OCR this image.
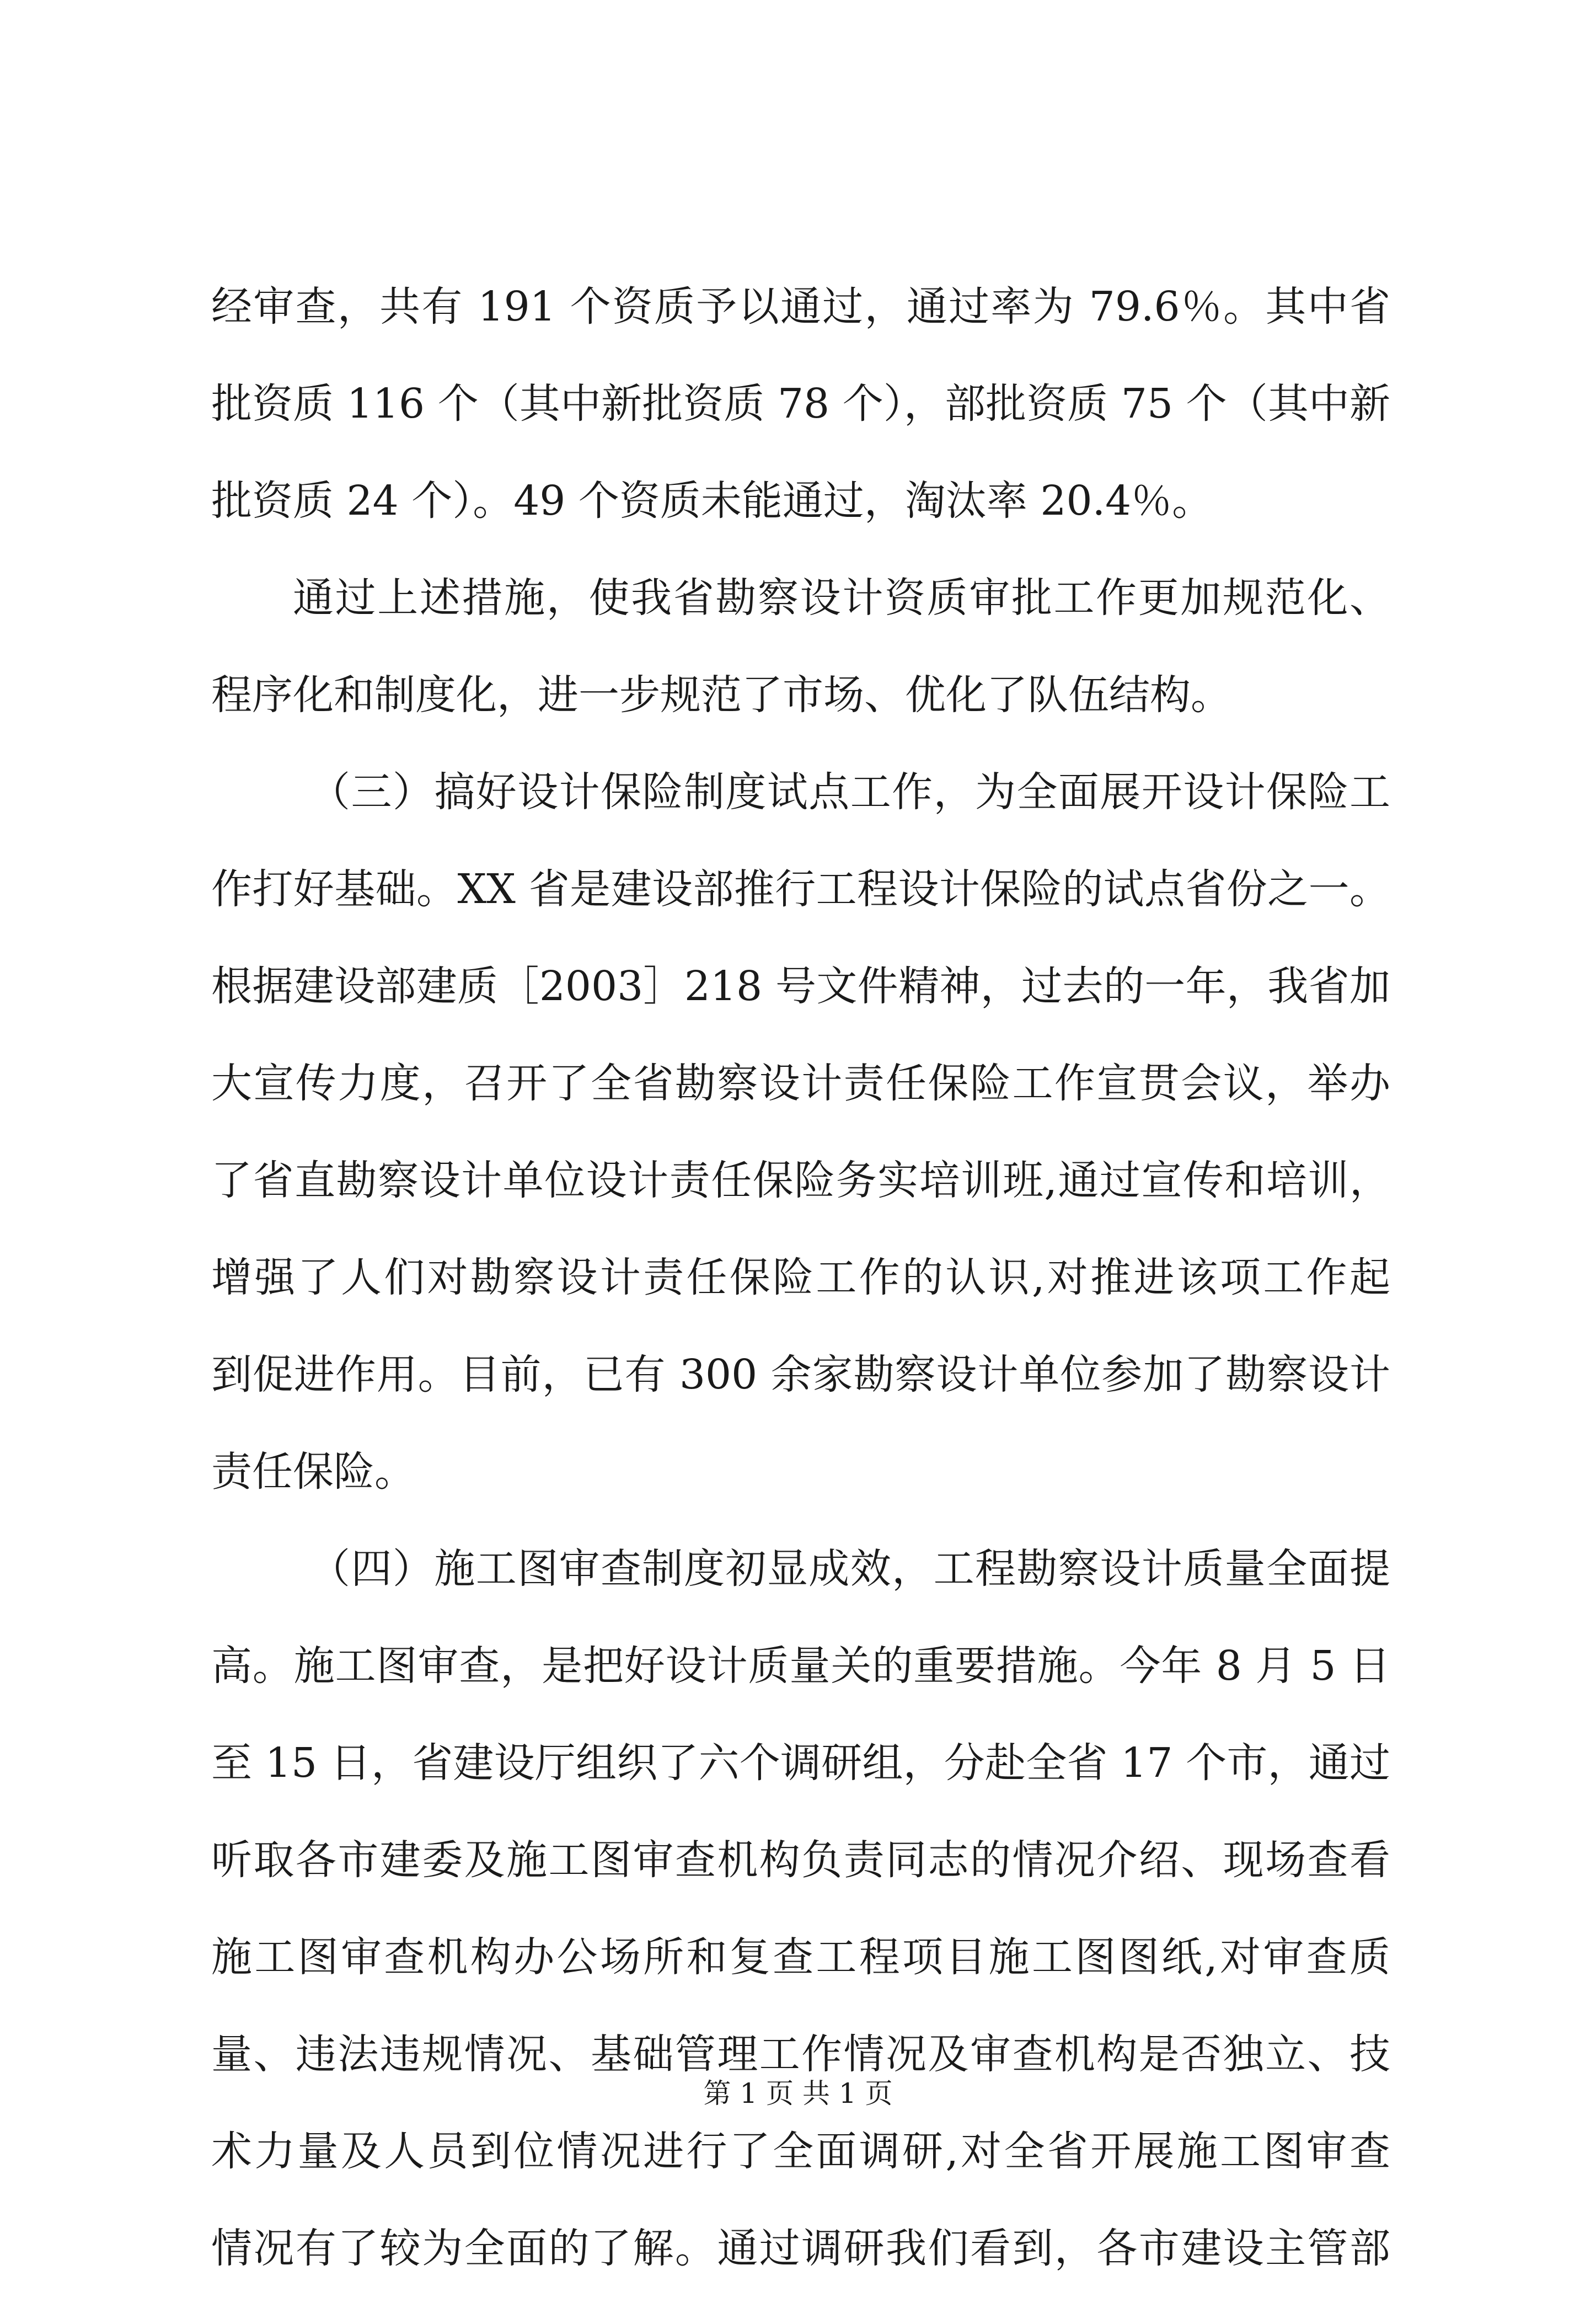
经审查，共有 191 个资质予以通过，通过率为 79.6％。其中省
批资质 116 个（其中新批资质 78 个），部批资质 75 个（其中新
批资质 24 个）。49 个资质未能通过，淘汰率 20.4％。
通过上述措施，使我省勘察设计资质审批工作更加规范化、
程序化和制度化，进一步规范了市场、优化了队伍结构。
（三）搞好设计保险制度试点工作，为全面展开设计保险工
作打好基础。XX 省是建设部推行工程设计保险的试点省份之一。
根据建设部建质［2003］218 号文件精神，过去的一年，我省加
大宣传力度，召开了全省勘察设计责任保险工作宣贯会议，举办
了省直勘察设计单位设计责任保险务实培训班,通过宣传和培训，
增强了人们对勘察设计责任保险工作的认识,对推进该项工作起
到促进作用。目前，已有 300 余家勘察设计单位参加了勘察设计
责任保险。
（四）施工图审查制度初显成效，工程勘察设计质量全面提
高。施工图审查，是把好设计质量关的重要措施。今年 8 月 5 日
至 15 日，省建设厅组织了六个调研组，分赴全省 17 个市，通过
听取各市建委及施工图审查机构负责同志的情况介绍、现场查看
施工图审查机构办公场所和复查工程项目施工图图纸,对审查质
量、违法违规情况、基础管理工作情况及审查机构是否独立、技
术力量及人员到位情况进行了全面调研,对全省开展施工图审查
情况有了较为全面的了解。通过调研我们看到，各市建设主管部
第 1 页 共 1 页
